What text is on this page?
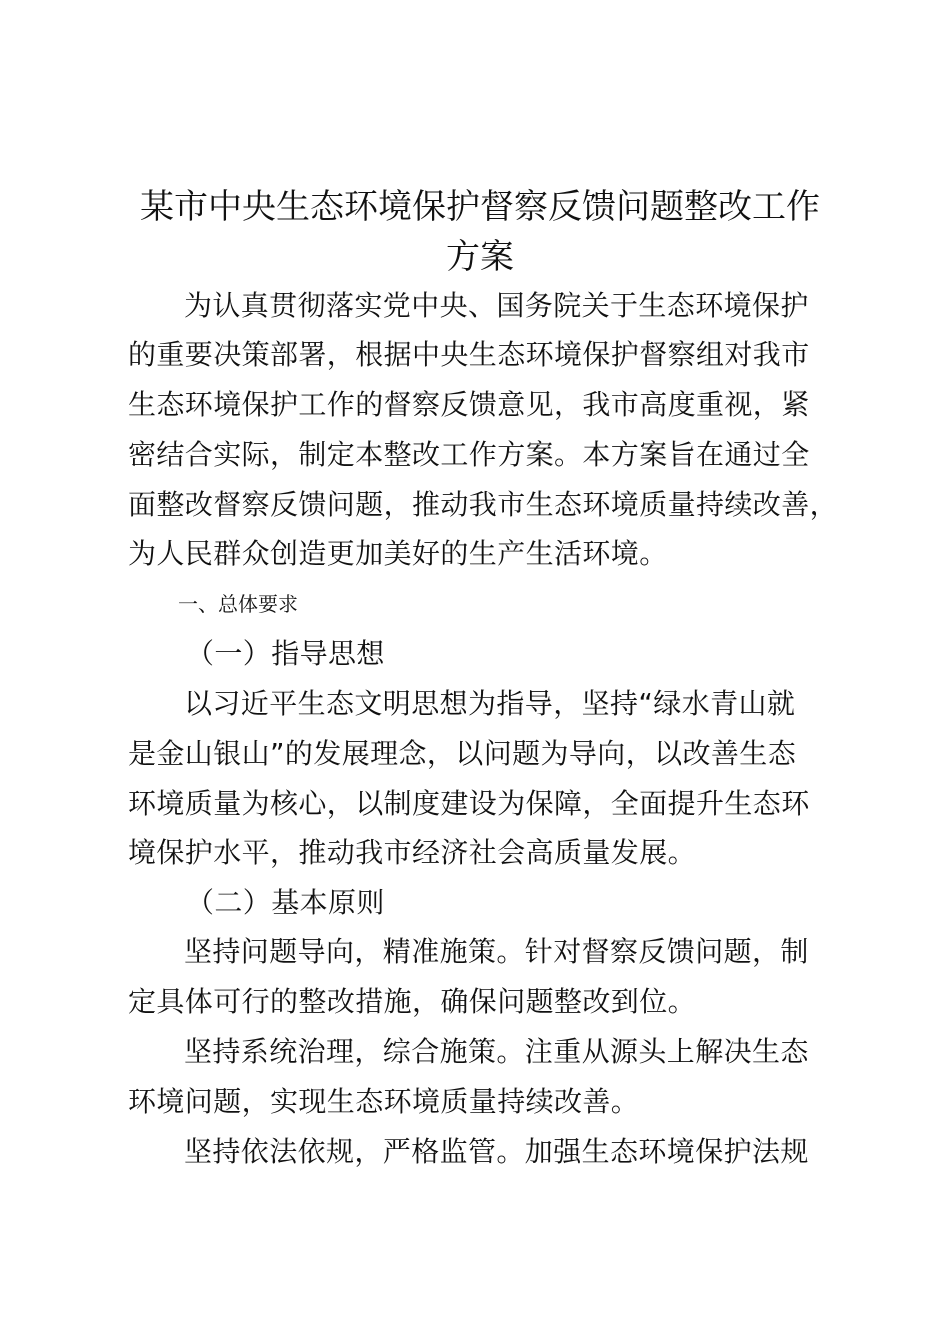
某市中央生态环境保护督察反馈问题整改工作
方案
为认真贯彻落实党中央、国务院关于生态环境保护
的重要决策部署，根据中央生态环境保护督察组对我市
生态环境保护工作的督察反馈意见，我市高度重视，紧
密结合实际，制定本整改工作方案。本方案旨在通过全
面整改督察反馈问题，推动我市生态环境质量持续改善，
为人民群众创造更加美好的生产生活环境。
一、总体要求
（一）指导思想
以习近平生态文明思想为指导，坚持“绿水青山就
是金山银山”的发展理念，以问题为导向，以改善生态
环境质量为核心，以制度建设为保障，全面提升生态环
境保护水平，推动我市经济社会高质量发展。
（二）基本原则
坚持问题导向，精准施策。针对督察反馈问题，制
定具体可行的整改措施，确保问题整改到位。
坚持系统治理，综合施策。注重从源头上解决生态
环境问题，实现生态环境质量持续改善。
坚持依法依规，严格监管。加强生态环境保护法规
